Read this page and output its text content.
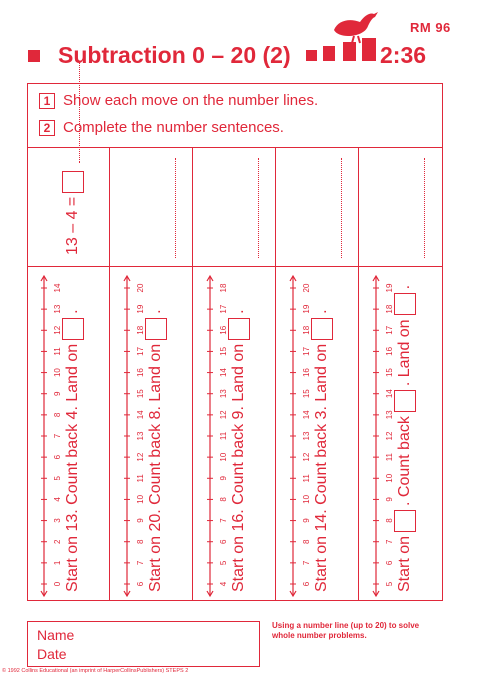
Subtraction 0 – 20 (2)	2:36
RM 96
1 Show each move on the number lines.
2 Complete the number sentences.
13 – 4 =
0
1
2
3
4
5
6
7
8
9
10
11
12
13
14
6
7
8
9
10
11
12
13
14
15
16
17
18
19
20
4
5
6
7
8
9
10
11
12
13
14
15
16
17
18
6
7
8
9
10
11
12
13
14
15
16
17
18
19
20
5
6
7
8
9
10
11
12
13
14
15
16
17
18
19
Start on 13. Count back 4. Land on
.
Start on 20. Count back 8. Land on
.
Start on 16. Count back 9. Land on
.
Start on 14. Count back 3. Land on
.
Start on
. Count back
. Land on
.
Name
Date
Using a number line (up to 20) to solve whole number problems.
© 1992 Collins Educational (an imprint of HarperCollinsPublishers) STEPS 2
